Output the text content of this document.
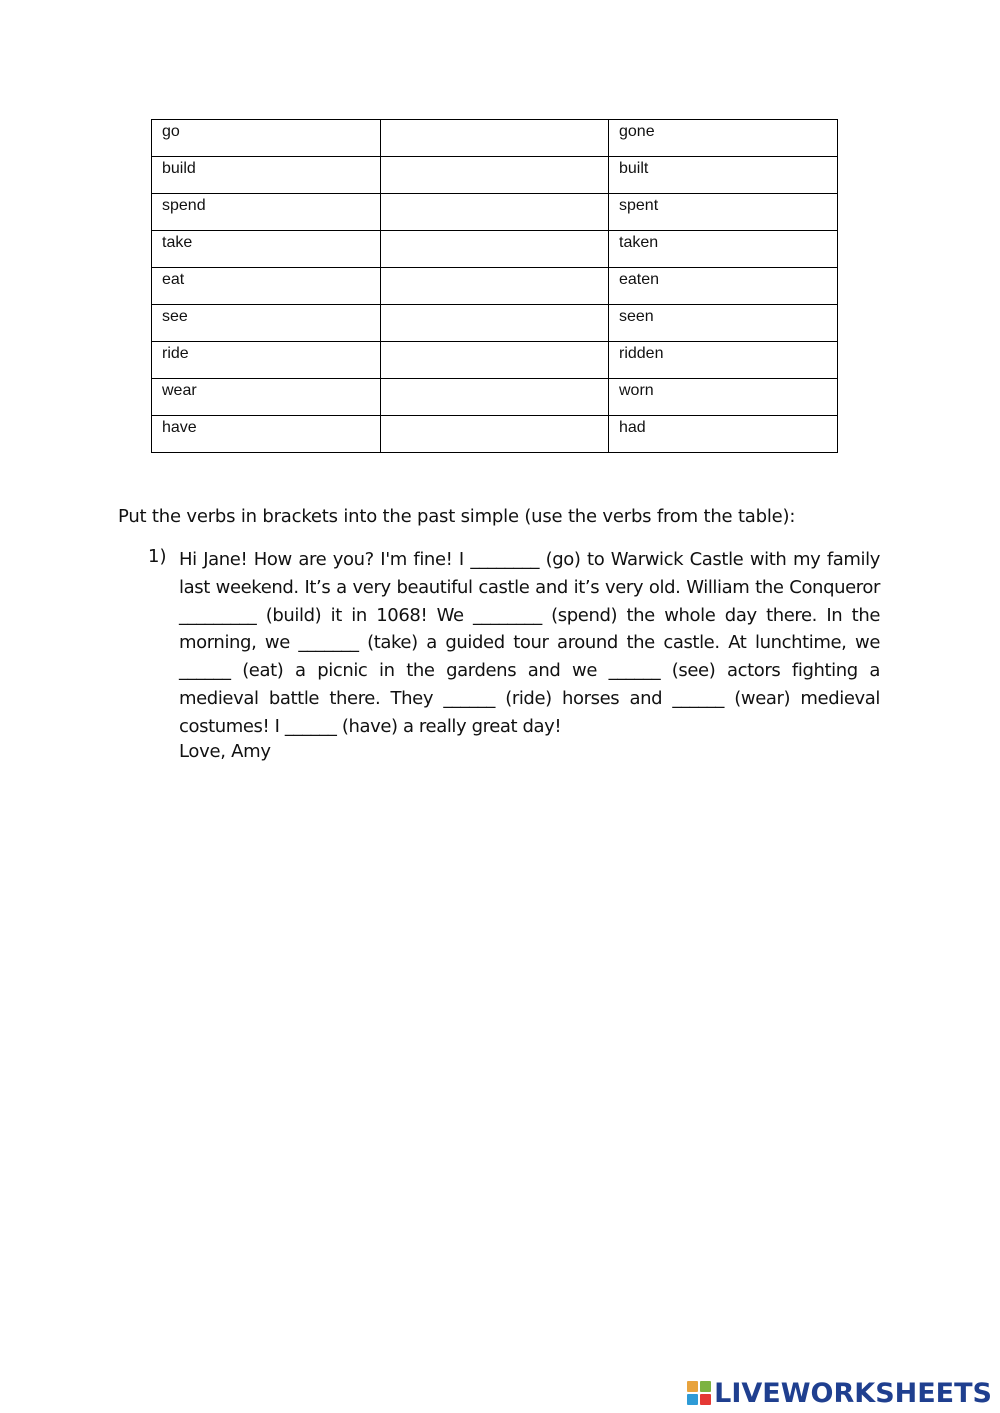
go		gone
build		built
spend		spent
take		taken
eat		eaten
see		seen
ride		ridden
wear		worn
have		had
Put the verbs in brackets into the past simple (use the verbs from the table):
1) Hi Jane! How are you? I'm fine! I ________ (go) to Warwick Castle with my family last weekend. It’s a very beautiful castle and it’s very old. William the Conqueror _________ (build) it in 1068! We ________ (spend) the whole day there. In the morning, we _______ (take) a guided tour around the castle. At lunchtime, we ______ (eat) a picnic in the gardens and we ______ (see) actors fighting a medieval battle there. They ______ (ride) horses and ______ (wear) medieval costumes! I ______ (have) a really great day!
Love, Amy
LIVEWORKSHEETS
